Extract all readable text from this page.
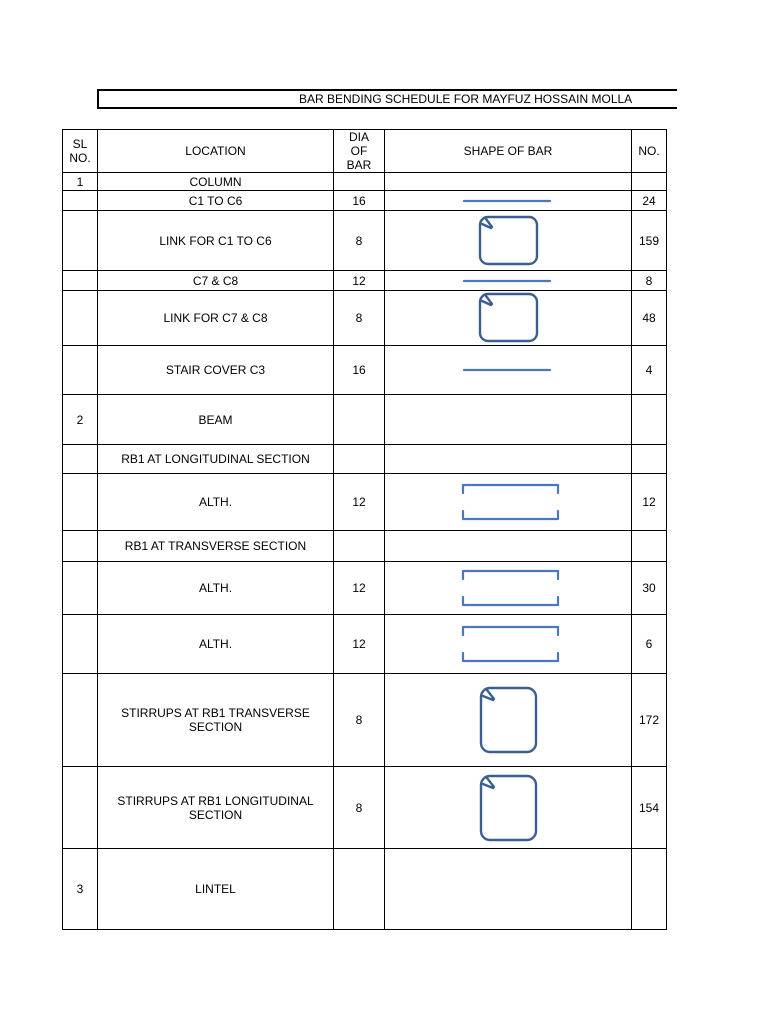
BAR BENDING SCHEDULE FOR MAYFUZ HOSSAIN MOLLA
SL NO.	LOCATION	DIA OF BAR	SHAPE OF BAR	NO.
1	COLUMN			
	C1 TO C6	16		24
	LINK FOR C1 TO C6	8		159
	C7 & C8	12		8
	LINK FOR C7 & C8	8		48
	STAIR COVER C3	16		4
2	BEAM			
	RB1 AT LONGITUDINAL SECTION			
	ALTH.	12		12
	RB1 AT TRANSVERSE SECTION			
	ALTH.	12		30
	ALTH.	12		6
	STIRRUPS AT RB1 TRANSVERSE SECTION	8		172
	STIRRUPS AT RB1 LONGITUDINAL SECTION	8		154
3	LINTEL			
